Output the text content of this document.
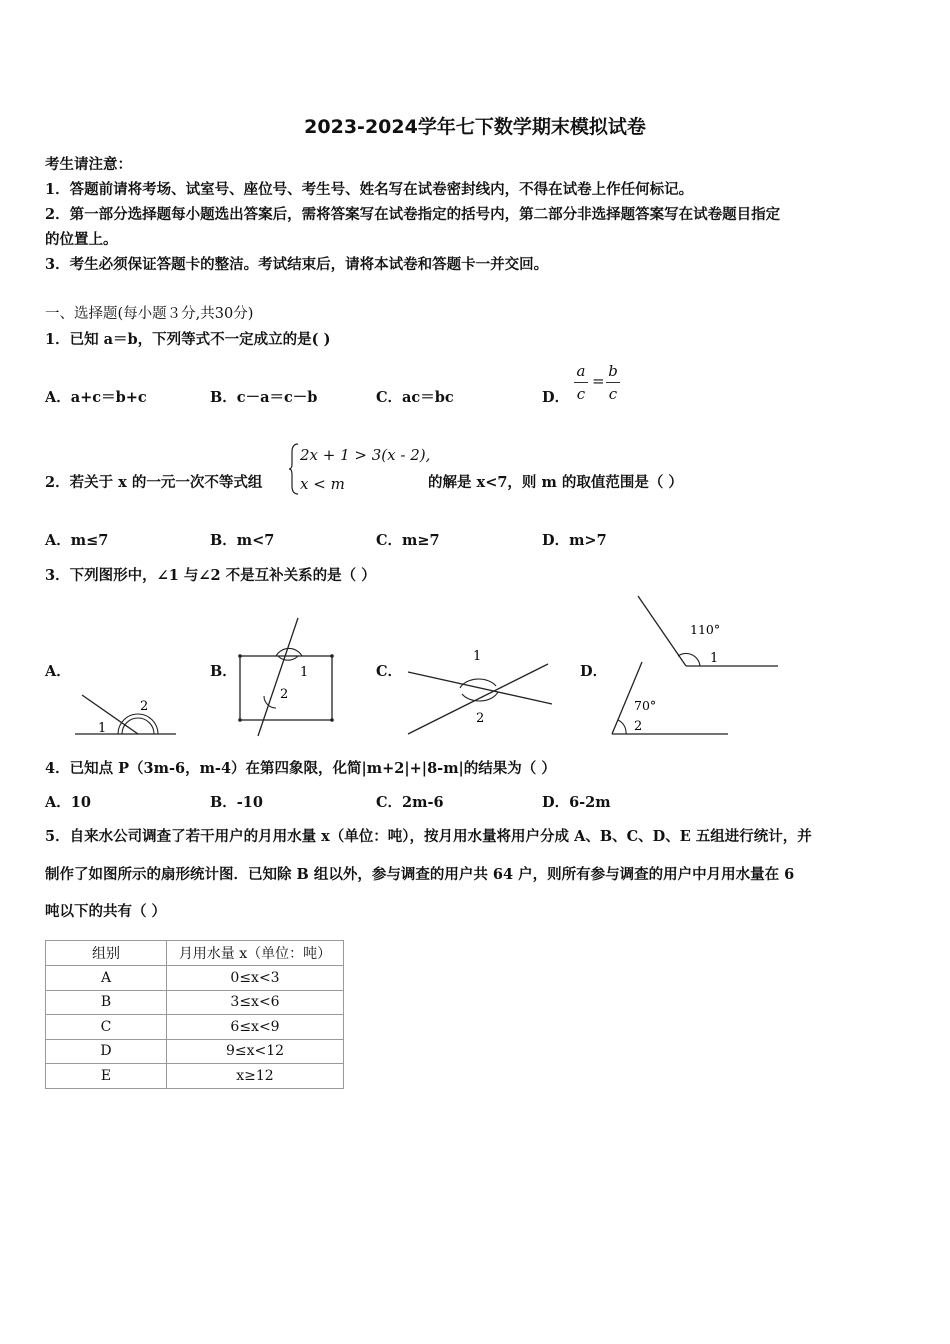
2023-2024学年七下数学期末模拟试卷
考生请注意：
1．答题前请将考场、试室号、座位号、考生号、姓名写在试卷密封线内，不得在试卷上作任何标记。
2．第一部分选择题每小题选出答案后，需将答案写在试卷指定的括号内，第二部分非选择题答案写在试卷题目指定
的位置上。
3．考生必须保证答题卡的整洁。考试结束后，请将本试卷和答题卡一并交回。
一、选择题(每小题３分,共30分)
1．已知 a＝b，下列等式不一定成立的是( )
A．a+c＝b+c	B．c－a＝c－b	C．ac＝bc	D．
a
c
=
b
c
2．若关于 x 的一元一次不等式组
2x + 1 > 3(x - 2),
x < m	的解是 x<7，则 m 的取值范围是（ ）
A．m≤7	B．m<7	C．m≥7	D．m>7
3．下列图形中，∠1 与∠2 不是互补关系的是（ ）
A．	B．	C．	D．
1
2
1
2
1
2
110°
1
70°
2
4．已知点 P（3m-6，m-4）在第四象限，化简|m+2|+|8-m|的结果为（ ）
A．10	B．-10	C．2m-6	D．6-2m
5．自来水公司调查了若干用户的月用水量 x（单位：吨），按月用水量将用户分成 A、B、C、D、E 五组进行统计，并
制作了如图所示的扇形统计图．已知除 B 组以外，参与调查的用户共 64 户，则所有参与调查的用户中月用水量在 6
吨以下的共有（ ）
组别	月用水量 x（单位：吨）
A	0≤x<3
B	3≤x<6
C	6≤x<9
D	9≤x<12
E	x≥12
